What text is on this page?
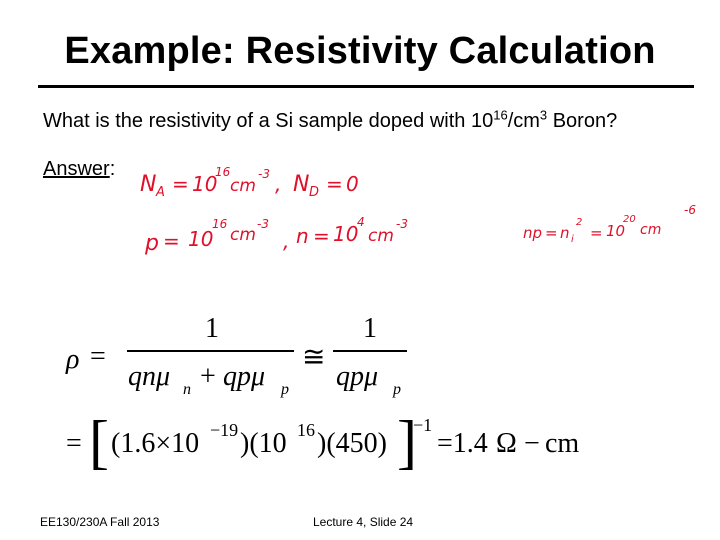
Example: Resistivity Calculation
What is the resistivity of a Si sample doped with $10^{16}/cm^3$ Boron?
Answer:
N A = 10
16
cm
-3 , N D = 0
p = 10
16
cm
-3
, n = 10
4
cm
-3	np = n i
2
= 10
20
cm
-6
ρ =
1
qnμ n + qpμ p
≅
1
qpμ p
= [ (1.6×10 −19 )(10 16 )(450) ]
−1
=1.4 Ω − cm
EE130/230A Fall 2013	Lecture 4, Slide 24
